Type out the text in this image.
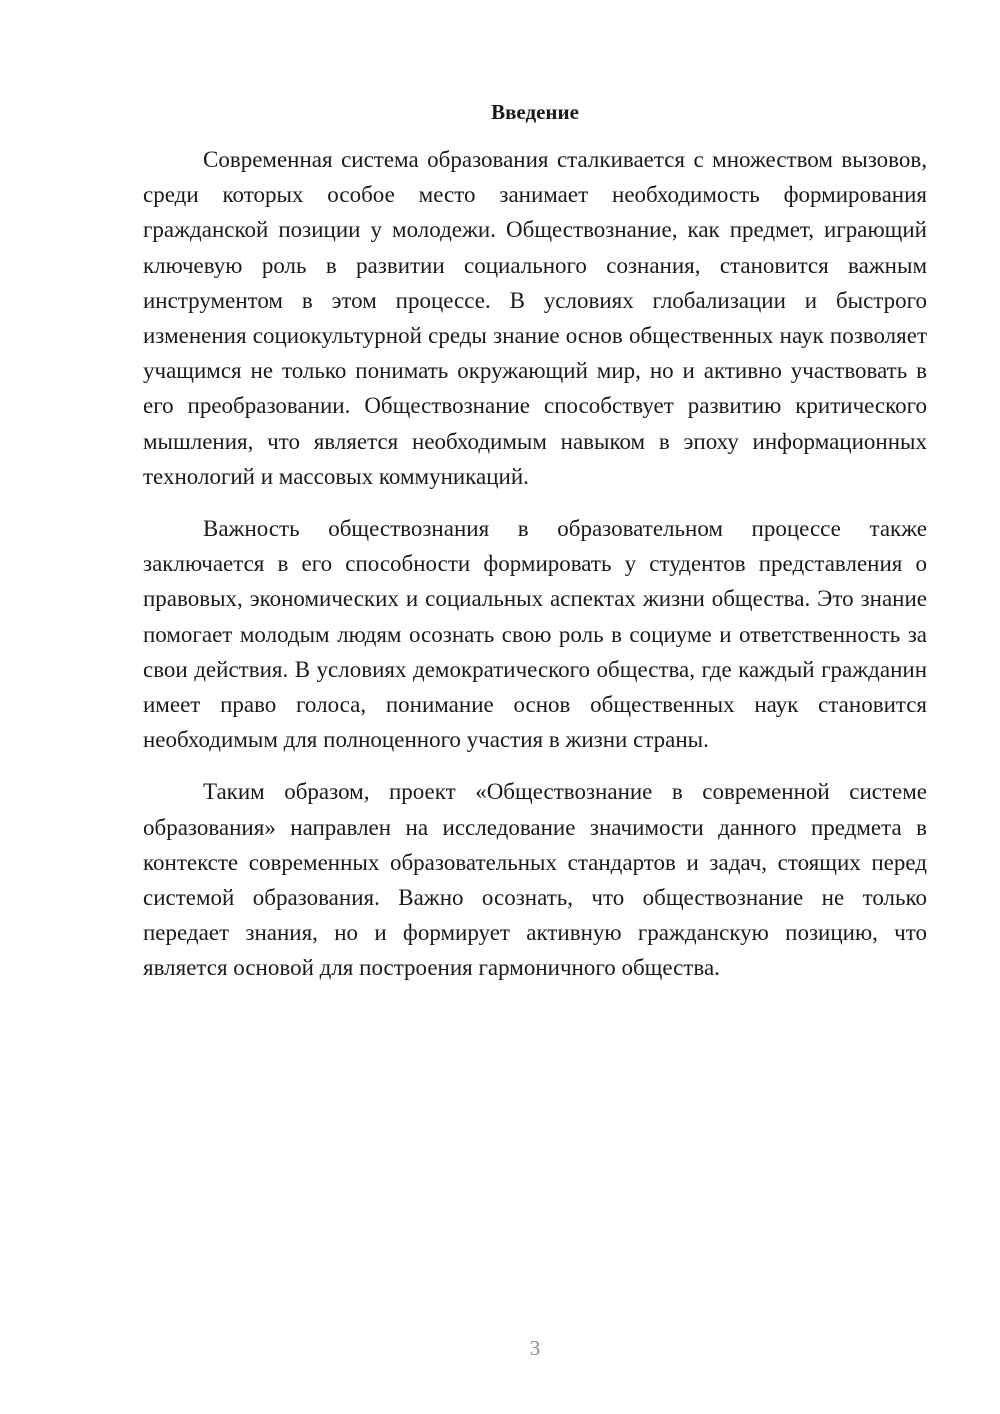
Введение

Современная система образования сталкивается с множеством вызовов, среди которых особое место занимает необходимость формирования гражданской позиции у молодежи. Обществознание, как предмет, играющий ключевую роль в развитии социального сознания, становится важным инструментом в этом процессе. В условиях глобализации и быстрого изменения социокультурной среды знание основ общественных наук позволяет учащимся не только понимать окружающий мир, но и активно участвовать в его преобразовании. Обществознание способствует развитию критического мышления, что является необходимым навыком в эпоху информационных технологий и массовых коммуникаций.

Важность обществознания в образовательном процессе также заключается в его способности формировать у студентов представления о правовых, экономических и социальных аспектах жизни общества. Это знание помогает молодым людям осознать свою роль в социуме и ответственность за свои действия. В условиях демократического общества, где каждый гражданин имеет право голоса, понимание основ общественных наук становится необходимым для полноценного участия в жизни страны.

Таким образом, проект «Обществознание в современной системе образования» направлен на исследование значимости данного предмета в контексте современных образовательных стандартов и задач, стоящих перед системой образования. Важно осознать, что обществознание не только передает знания, но и формирует активную гражданскую позицию, что является основой для построения гармоничного общества.

3
